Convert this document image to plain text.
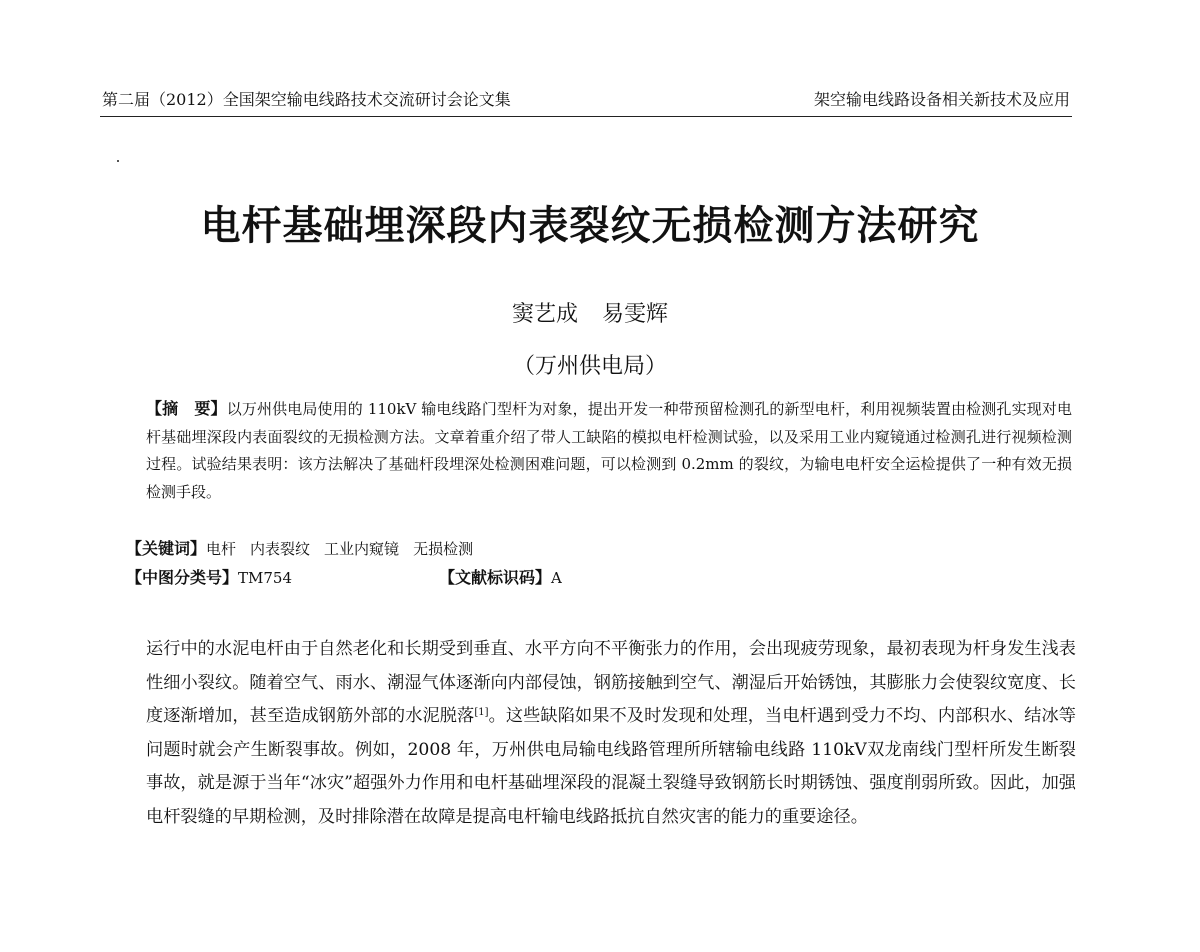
第二届（2012）全国架空输电线路技术交流研讨会论文集	架空输电线路设备相关新技术及应用
电杆基础埋深段内表裂纹无损检测方法研究
窦艺成 易雯辉
（万州供电局）
【摘　要】以万州供电局使用的 110kV 输电线路门型杆为对象，提出开发一种带预留检测孔的新型电杆，利用视频装置由检测孔实现对电杆基础埋深段内表面裂纹的无损检测方法。文章着重介绍了带人工缺陷的模拟电杆检测试验，以及采用工业内窥镜通过检测孔进行视频检测过程。试验结果表明：该方法解决了基础杆段埋深处检测困难问题，可以检测到 0.2mm 的裂纹，为输电电杆安全运检提供了一种有效无损检测手段。
【关键词】电杆 内表裂纹 工业内窥镜 无损检测
【中图分类号】TM754	【文献标识码】A
运行中的水泥电杆由于自然老化和长期受到垂直、水平方向不平衡张力的作用，会出现疲劳现象，最初表现为杆身发生浅表性细小裂纹。随着空气、雨水、潮湿气体逐渐向内部侵蚀，钢筋接触到空气、潮湿后开始锈蚀，其膨胀力会使裂纹宽度、长度逐渐增加，甚至造成钢筋外部的水泥脱落[1]。这些缺陷如果不及时发现和处理，当电杆遇到受力不均、内部积水、结冰等问题时就会产生断裂事故。例如，2008 年，万州供电局输电线路管理所所辖输电线路 110kV双龙南线门型杆所发生断裂事故，就是源于当年“冰灾”超强外力作用和电杆基础埋深段的混凝土裂缝导致钢筋长时期锈蚀、强度削弱所致。因此，加强电杆裂缝的早期检测，及时排除潜在故障是提高电杆输电线路抵抗自然灾害的能力的重要途径。
